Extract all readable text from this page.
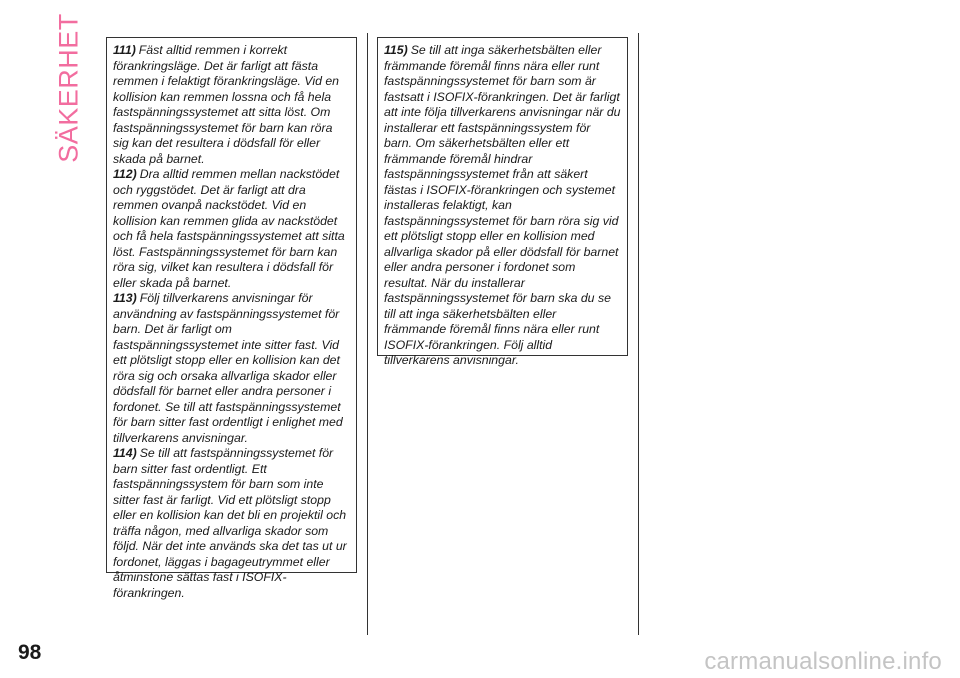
SÄKERHET 111) Fäst alltid remmen i korrekt förankringsläge. Det är farligt att fästa remmen i felaktigt förankringsläge. Vid en kollision kan remmen lossna och få hela fastspänningssystemet att sitta löst. Om fastspänningssystemet för barn kan röra sig kan det resultera i dödsfall för eller skada på barnet.

112) Dra alltid remmen mellan nackstödet och ryggstödet. Det är farligt att dra remmen ovanpå nackstödet. Vid en kollision kan remmen glida av nackstödet och få hela fastspänningssystemet att sitta löst. Fastspänningssystemet för barn kan röra sig, vilket kan resultera i dödsfall för eller skada på barnet.

113) Följ tillverkarens anvisningar för användning av fastspänningssystemet för barn. Det är farligt om fastspänningssystemet inte sitter fast. Vid ett plötsligt stopp eller en kollision kan det röra sig och orsaka allvarliga skador eller dödsfall för barnet eller andra personer i fordonet. Se till att fastspänningssystemet för barn sitter fast ordentligt i enlighet med tillverkarens anvisningar.

114) Se till att fastspänningssystemet för barn sitter fast ordentligt. Ett fastspänningssystem för barn som inte sitter fast är farligt. Vid ett plötsligt stopp eller en kollision kan det bli en projektil och träffa någon, med allvarliga skador som följd. När det inte används ska det tas ut ur fordonet, läggas i bagageutrymmet eller åtminstone sättas fast i ISOFIX-förankringen.

115) Se till att inga säkerhetsbälten eller främmande föremål finns nära eller runt fastspänningssystemet för barn som är fastsatt i ISOFIX-förankringen. Det är farligt att inte följa tillverkarens anvisningar när du installerar ett fastspänningssystem för barn. Om säkerhetsbälten eller ett främmande föremål hindrar fastspänningssystemet från att säkert fästas i ISOFIX-förankringen och systemet installeras felaktigt, kan fastspänningssystemet för barn röra sig vid ett plötsligt stopp eller en kollision med allvarliga skador på eller dödsfall för barnet eller andra personer i fordonet som resultat. När du installerar fastspänningssystemet för barn ska du se till att inga säkerhetsbälten eller främmande föremål finns nära eller runt ISOFIX-förankringen. Följ alltid tillverkarens anvisningar.

98	carmanualsonline.info
